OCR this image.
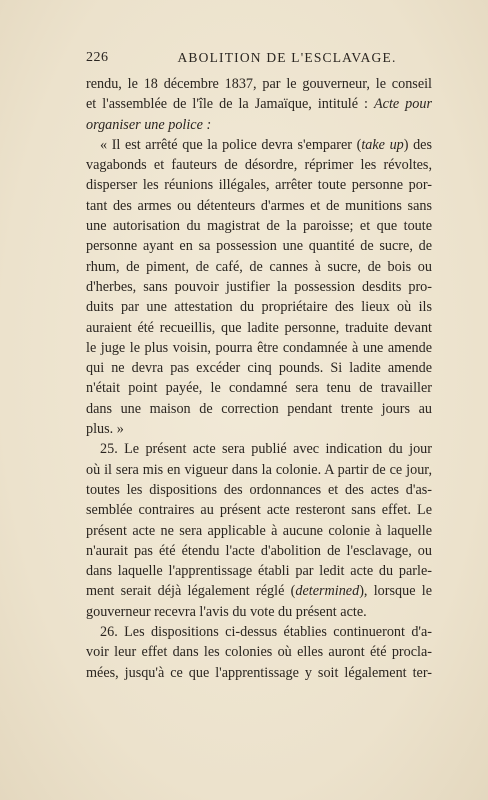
226	ABOLITION DE L'ESCLAVAGE.
rendu, le 18 décembre 1837, par le gouverneur, le conseil
et l'assemblée de l'île de la Jamaïque, intitulé : Acte pour
organiser une police :
« Il est arrêté que la police devra s'emparer (take up) des
vagabonds et fauteurs de désordre, réprimer les révoltes,
disperser les réunions illégales, arrêter toute personne por-
tant des armes ou détenteurs d'armes et de munitions sans
une autorisation du magistrat de la paroisse; et que toute
personne ayant en sa possession une quantité de sucre, de
rhum, de piment, de café, de cannes à sucre, de bois ou
d'herbes, sans pouvoir justifier la possession desdits pro-
duits par une attestation du propriétaire des lieux où ils
auraient été recueillis, que ladite personne, traduite devant
le juge le plus voisin, pourra être condamnée à une amende
qui ne devra pas excéder cinq pounds. Si ladite amende
n'était point payée, le condamné sera tenu de travailler
dans une maison de correction pendant trente jours au
plus. »
25. Le présent acte sera publié avec indication du jour
où il sera mis en vigueur dans la colonie. A partir de ce jour,
toutes les dispositions des ordonnances et des actes d'as-
semblée contraires au présent acte resteront sans effet. Le
présent acte ne sera applicable à aucune colonie à laquelle
n'aurait pas été étendu l'acte d'abolition de l'esclavage, ou
dans laquelle l'apprentissage établi par ledit acte du parle-
ment serait déjà légalement réglé (determined), lorsque le
gouverneur recevra l'avis du vote du présent acte.
26. Les dispositions ci-dessus établies continueront d'a-
voir leur effet dans les colonies où elles auront été procla-
mées, jusqu'à ce que l'apprentissage y soit légalement ter-
